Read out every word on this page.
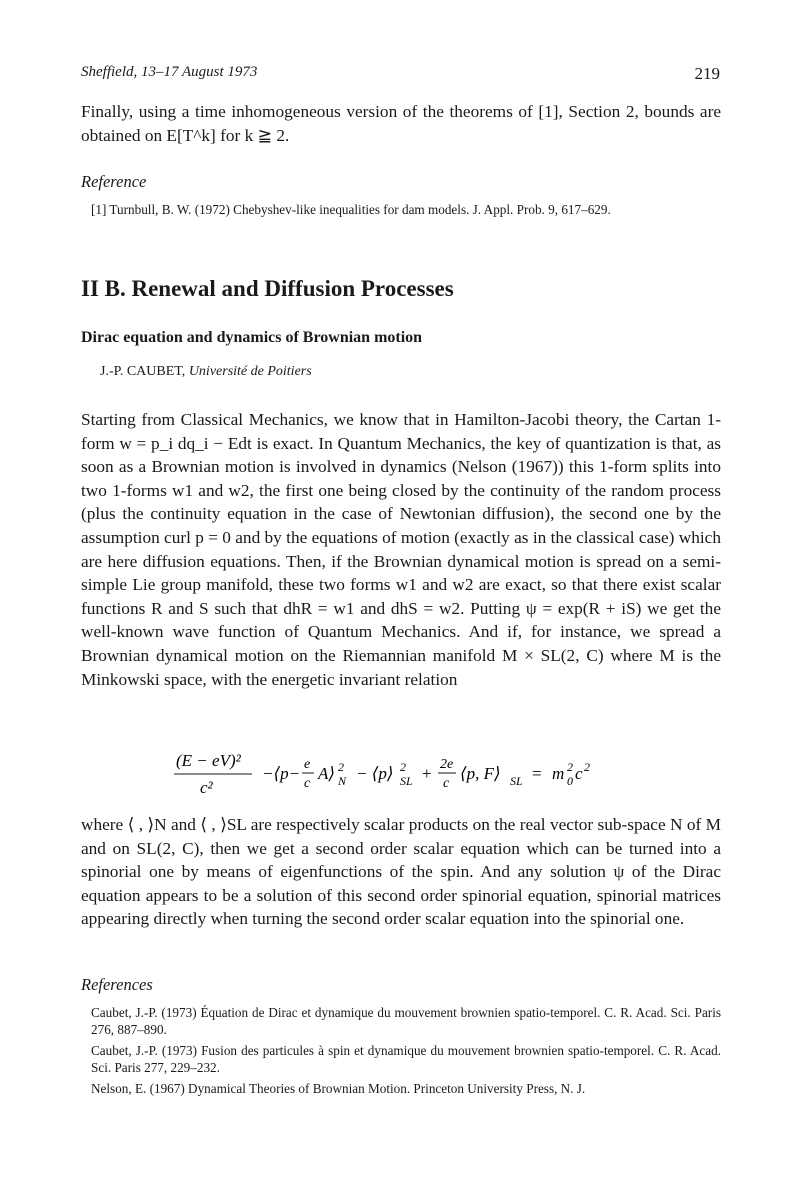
Sheffield, 13–17 August 1973	219
Finally, using a time inhomogeneous version of the theorems of [1], Section 2, bounds are obtained on E[T^k] for k ≧ 2.
Reference
[1] Turnbull, B. W. (1972) Chebyshev-like inequalities for dam models. J. Appl. Prob. 9, 617–629.
II B. Renewal and Diffusion Processes
Dirac equation and dynamics of Brownian motion
J.-P. CAUBET, Université de Poitiers
Starting from Classical Mechanics, we know that in Hamilton-Jacobi theory, the Cartan 1-form w = p_i dq_i − Edt is exact. In Quantum Mechanics, the key of quantization is that, as soon as a Brownian motion is involved in dynamics (Nelson (1967)) this 1-form splits into two 1-forms w1 and w2, the first one being closed by the continuity of the random process (plus the continuity equation in the case of Newtonian diffusion), the second one by the assumption curl p = 0 and by the equations of motion (exactly as in the classical case) which are here diffusion equations. Then, if the Brownian dynamical motion is spread on a semi-simple Lie group manifold, these two forms w1 and w2 are exact, so that there exist scalar functions R and S such that dhR = w1 and dhS = w2. Putting ψ = exp(R + iS) we get the well-known wave function of Quantum Mechanics. And if, for instance, we spread a Brownian dynamical motion on the Riemannian manifold M × SL(2, C) where M is the Minkowski space, with the energetic invariant relation
(E − eV)²
c²
−⟨p− e
c
A⟩ 2
N − ⟨p⟩ 2
SL + 2e
c
⟨p, F⟩ SL = m 2
0 c 2
where ⟨ , ⟩N and ⟨ , ⟩SL are respectively scalar products on the real vector sub-space N of M and on SL(2, C), then we get a second order scalar equation which can be turned into a spinorial one by means of eigenfunctions of the spin. And any solution ψ of the Dirac equation appears to be a solution of this second order spinorial equation, spinorial matrices appearing directly when turning the second order scalar equation into the spinorial one.
References
Caubet, J.-P. (1973) Équation de Dirac et dynamique du mouvement brownien spatio-temporel. C. R. Acad. Sci. Paris 276, 887–890.
Caubet, J.-P. (1973) Fusion des particules à spin et dynamique du mouvement brownien spatio-temporel. C. R. Acad. Sci. Paris 277, 229–232.
Nelson, E. (1967) Dynamical Theories of Brownian Motion. Princeton University Press, N. J.
